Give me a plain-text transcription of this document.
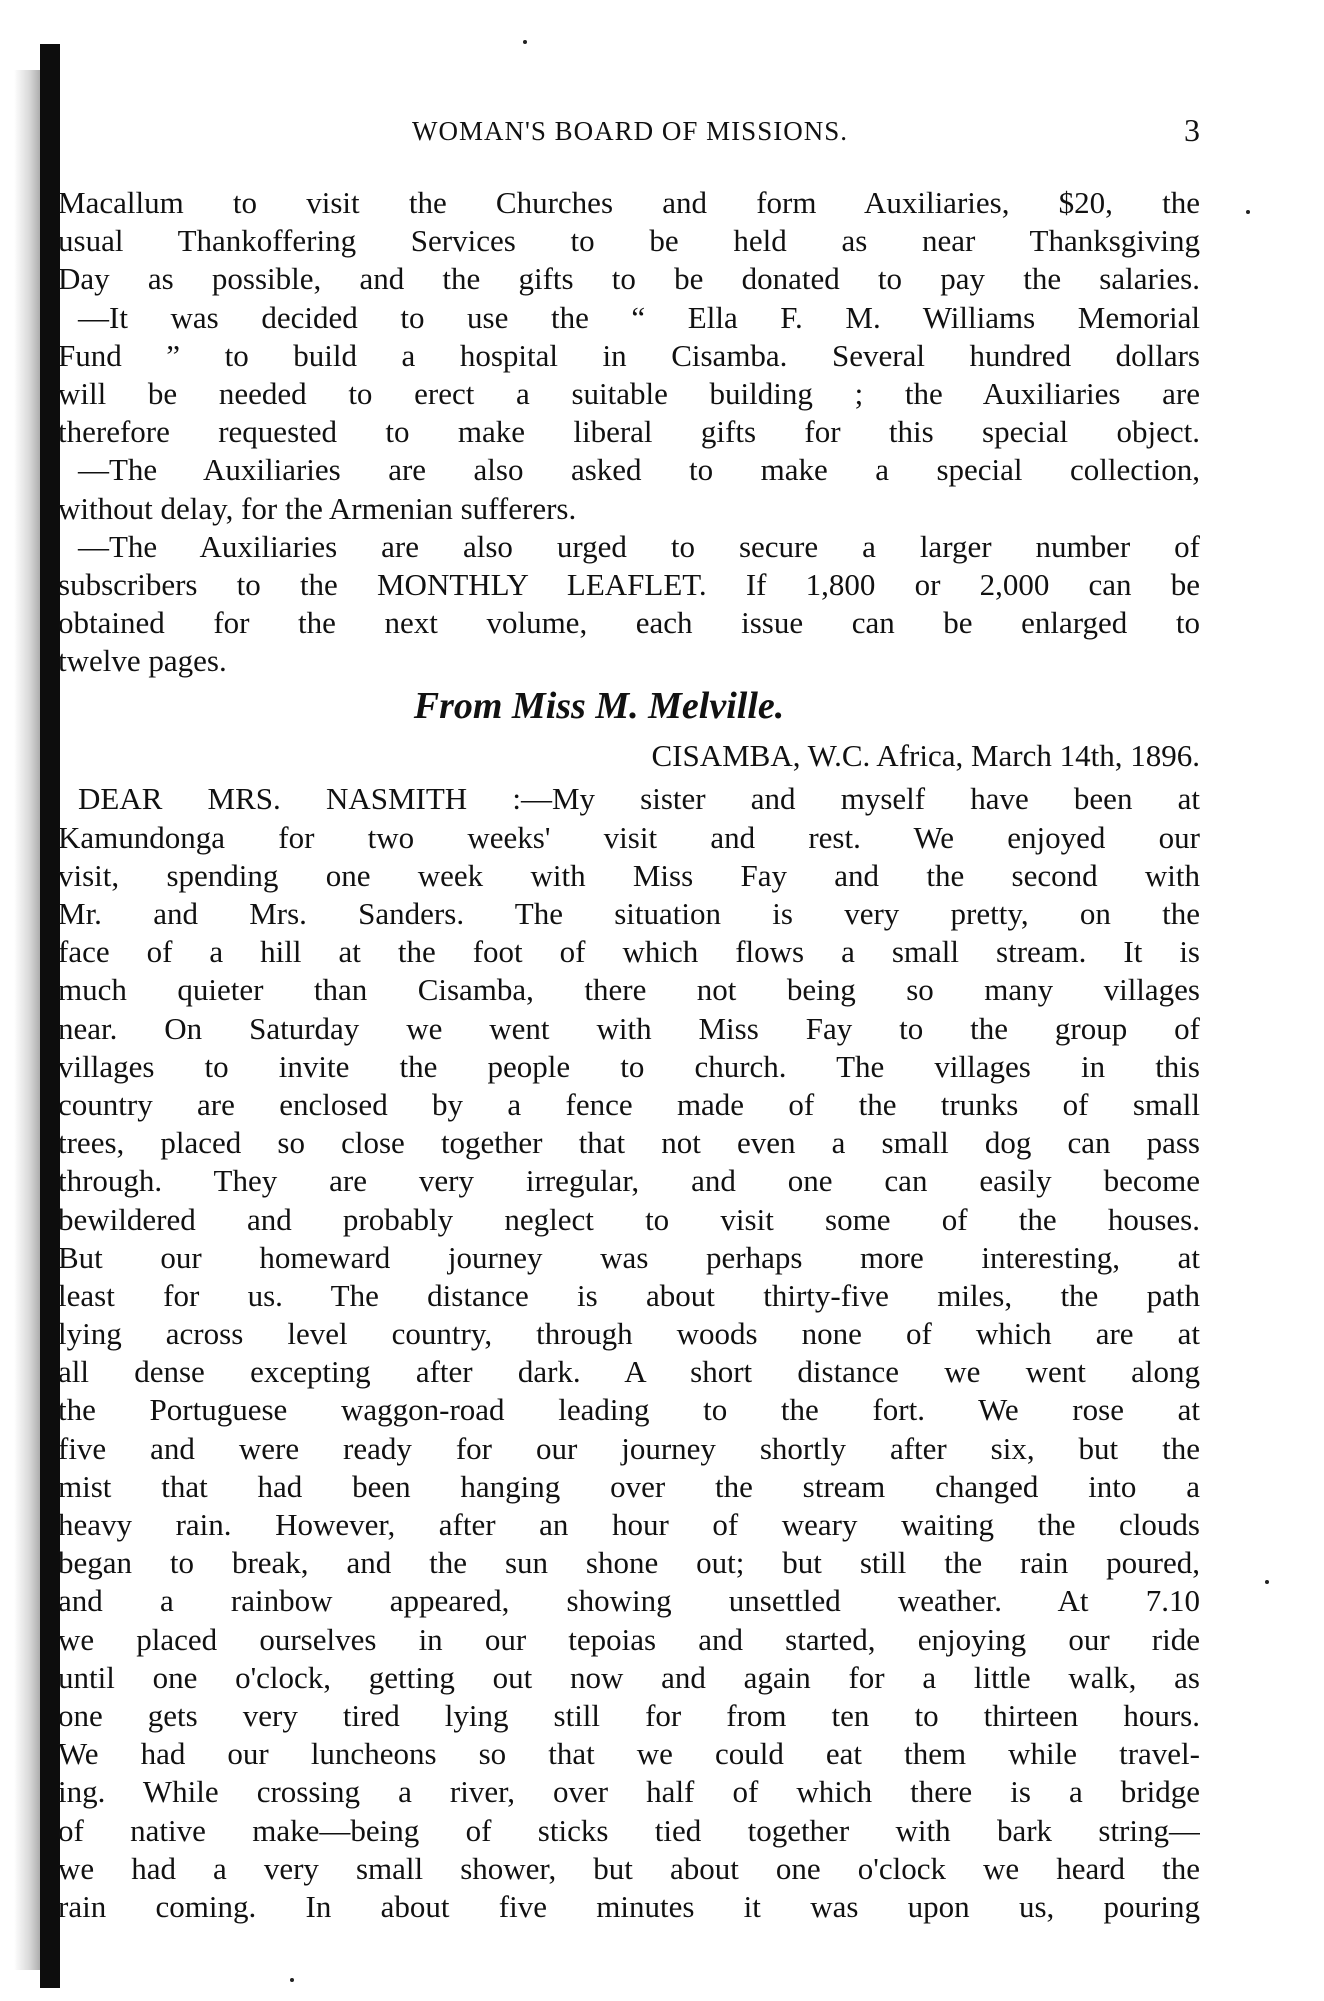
WOMAN'S BOARD OF MISSIONS.	3
Macallum to visit the Churches and form Auxiliaries, $20, the
usual Thankoffering Services to be held as near Thanksgiving
Day as possible, and the gifts to be donated to pay the salaries.
—It was decided to use the “ Ella F. M. Williams Memorial
Fund ” to build a hospital in Cisamba. Several hundred dollars
will be needed to erect a suitable building ; the Auxiliaries are
therefore requested to make liberal gifts for this special object.
—The Auxiliaries are also asked to make a special collection,
without delay, for the Armenian sufferers.
—The Auxiliaries are also urged to secure a larger number of
subscribers to the MONTHLY LEAFLET. If 1,800 or 2,000 can be
obtained for the next volume, each issue can be enlarged to
twelve pages.
From Miss M. Melville.
CISAMBA, W.C. Africa, March 14th, 1896.
DEAR MRS. NASMITH :—My sister and myself have been at
Kamundonga for two weeks' visit and rest. We enjoyed our
visit, spending one week with Miss Fay and the second with
Mr. and Mrs. Sanders. The situation is very pretty, on the
face of a hill at the foot of which flows a small stream. It is
much quieter than Cisamba, there not being so many villages
near. On Saturday we went with Miss Fay to the group of
villages to invite the people to church. The villages in this
country are enclosed by a fence made of the trunks of small
trees, placed so close together that not even a small dog can pass
through. They are very irregular, and one can easily become
bewildered and probably neglect to visit some of the houses.
But our homeward journey was perhaps more interesting, at
least for us. The distance is about thirty-five miles, the path
lying across level country, through woods none of which are at
all dense excepting after dark. A short distance we went along
the Portuguese waggon-road leading to the fort. We rose at
five and were ready for our journey shortly after six, but the
mist that had been hanging over the stream changed into a
heavy rain. However, after an hour of weary waiting the clouds
began to break, and the sun shone out; but still the rain poured,
and a rainbow appeared, showing unsettled weather. At 7.10
we placed ourselves in our tepoias and started, enjoying our ride
until one o'clock, getting out now and again for a little walk, as
one gets very tired lying still for from ten to thirteen hours.
We had our luncheons so that we could eat them while travel-
ing. While crossing a river, over half of which there is a bridge
of native make—being of sticks tied together with bark string—
we had a very small shower, but about one o'clock we heard the
rain coming. In about five minutes it was upon us, pouring
